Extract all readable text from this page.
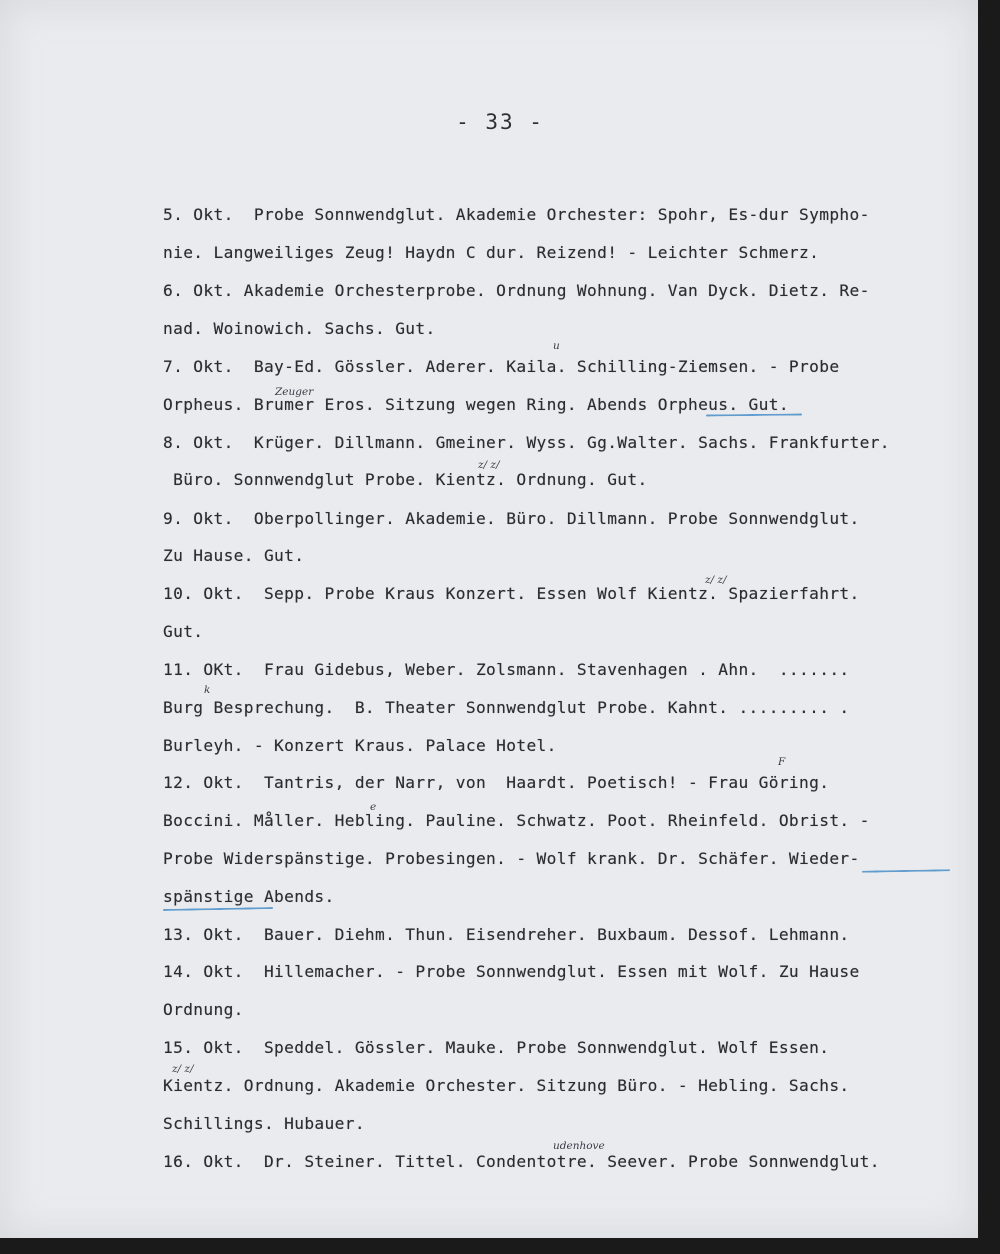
- 33 -
Zeuger
u
z/ z/
z/ z/
k
F
e
z/ z/
udenhove

5. Okt.  Probe Sonnwendglut. Akademie Orchester: Spohr, Es-dur Sympho-

nie. Langweiliges Zeug! Haydn C dur. Reizend! - Leichter Schmerz.

6. Okt. Akademie Orchesterprobe. Ordnung Wohnung. Van Dyck. Dietz. Re-

nad. Woinowich. Sachs. Gut.

7. Okt.  Bay-Ed. Gössler. Aderer. Kaila. Schilling-Ziemsen. - Probe

Orpheus. Brumer Eros. Sitzung wegen Ring. Abends Orpheus. Gut.

8. Okt.  Krüger. Dillmann. Gmeiner. Wyss. Gg.Walter. Sachs. Frankfurter.

Büro. Sonnwendglut Probe. Kientz. Ordnung. Gut.

9. Okt.  Oberpollinger. Akademie. Büro. Dillmann. Probe Sonnwendglut.

Zu Hause. Gut.

10. Okt.  Sepp. Probe Kraus Konzert. Essen Wolf Kientz. Spazierfahrt.

Gut.

11. OKt.  Frau Gidebus, Weber. Zolsmann. Stavenhagen . Ahn.  .......

Burg Besprechung.  B. Theater Sonnwendglut Probe. Kahnt. ......... .

Burleyh. - Konzert Kraus. Palace Hotel.

12. Okt.  Tantris, der Narr, von  Haardt. Poetisch! - Frau Göring.

Boccini. Måller. Hebling. Pauline. Schwatz. Poot. Rheinfeld. Obrist. -

Probe Widerspänstige. Probesingen. - Wolf krank. Dr. Schäfer. Wieder-

spänstige Abends.

13. Okt.  Bauer. Diehm. Thun. Eisendreher. Buxbaum. Dessof. Lehmann.

14. Okt.  Hillemacher. - Probe Sonnwendglut. Essen mit Wolf. Zu Hause

Ordnung.

15. Okt.  Speddel. Gössler. Mauke. Probe Sonnwendglut. Wolf Essen.

Kientz. Ordnung. Akademie Orchester. Sitzung Büro. - Hebling. Sachs.

Schillings. Hubauer.

16. Okt.  Dr. Steiner. Tittel. Condentotre. Seever. Probe Sonnwendglut.
